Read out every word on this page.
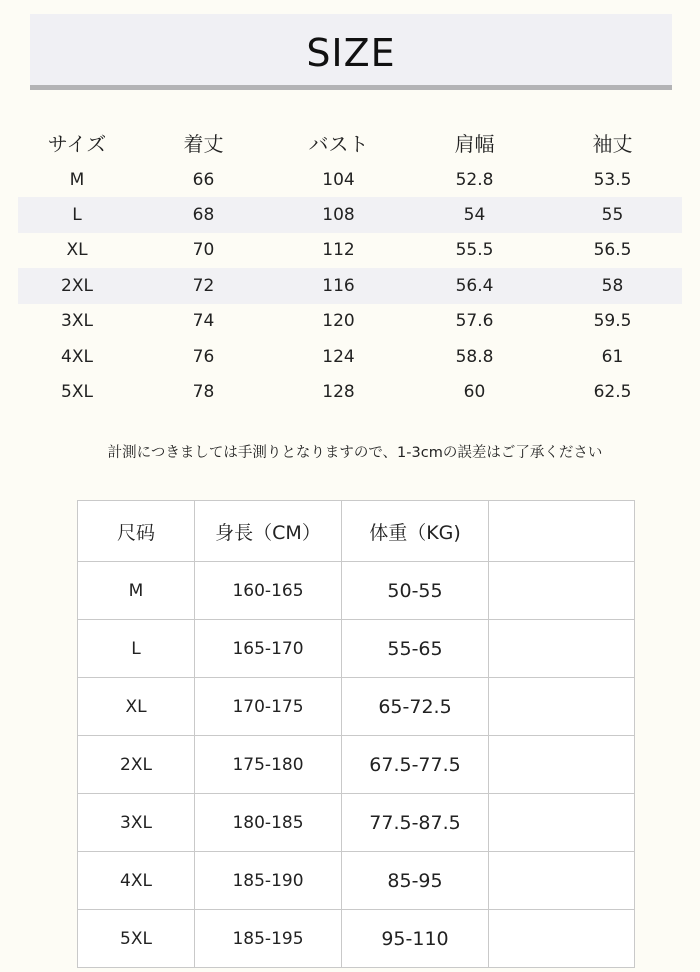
SIZE
サイズ	着丈	バスト	肩幅	袖丈
M	66	104	52.8	53.5
L	68	108	54	55
XL	70	112	55.5	56.5
2XL	72	116	56.4	58
3XL	74	120	57.6	59.5
4XL	76	124	58.8	61
5XL	78	128	60	62.5
計測につきましては手測りとなりますので、1-3cmの誤差はご了承ください
尺码	身長（CM）	体重（KG)	
M	160-165	50-55	
L	165-170	55-65	
XL	170-175	65-72.5	
2XL	175-180	67.5-77.5	
3XL	180-185	77.5-87.5	
4XL	185-190	85-95	
5XL	185-195	95-110	
